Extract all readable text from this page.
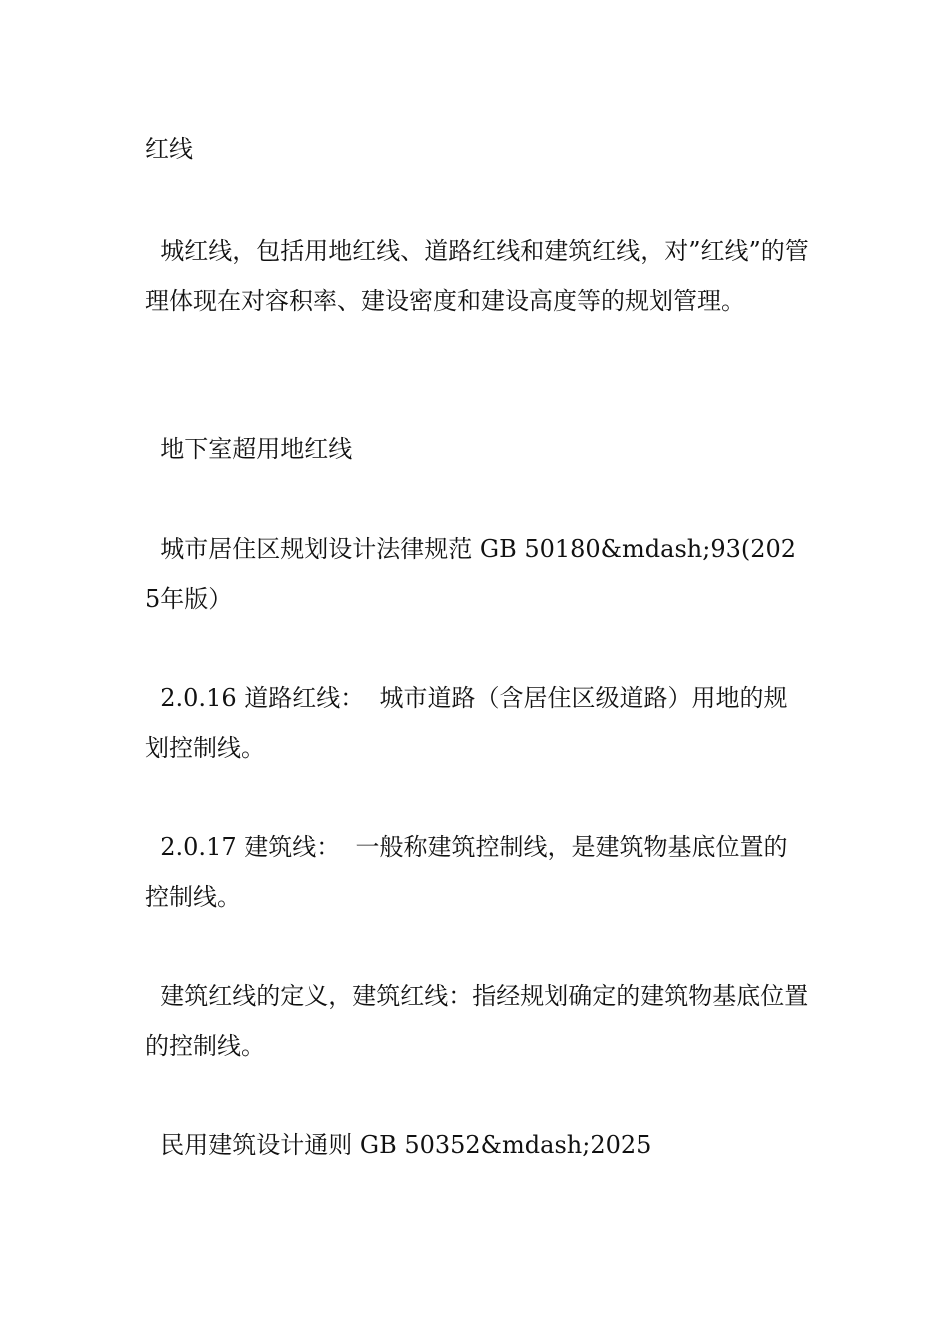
红线

城红线，包括用地红线、道路红线和建筑红线，对”红线”的管理体现在对容积率、建设密度和建设高度等的规划管理。

地下室超用地红线

城市居住区规划设计法律规范 GB 50180&mdash;93(2025年版）

2.0.16 道路红线：  城市道路（含居住区级道路）用地的规划控制线。

2.0.17 建筑线：  一般称建筑控制线，是建筑物基底位置的控制线。

建筑红线的定义，建筑红线：指经规划确定的建筑物基底位置的控制线。

民用建筑设计通则 GB 50352&mdash;2025
